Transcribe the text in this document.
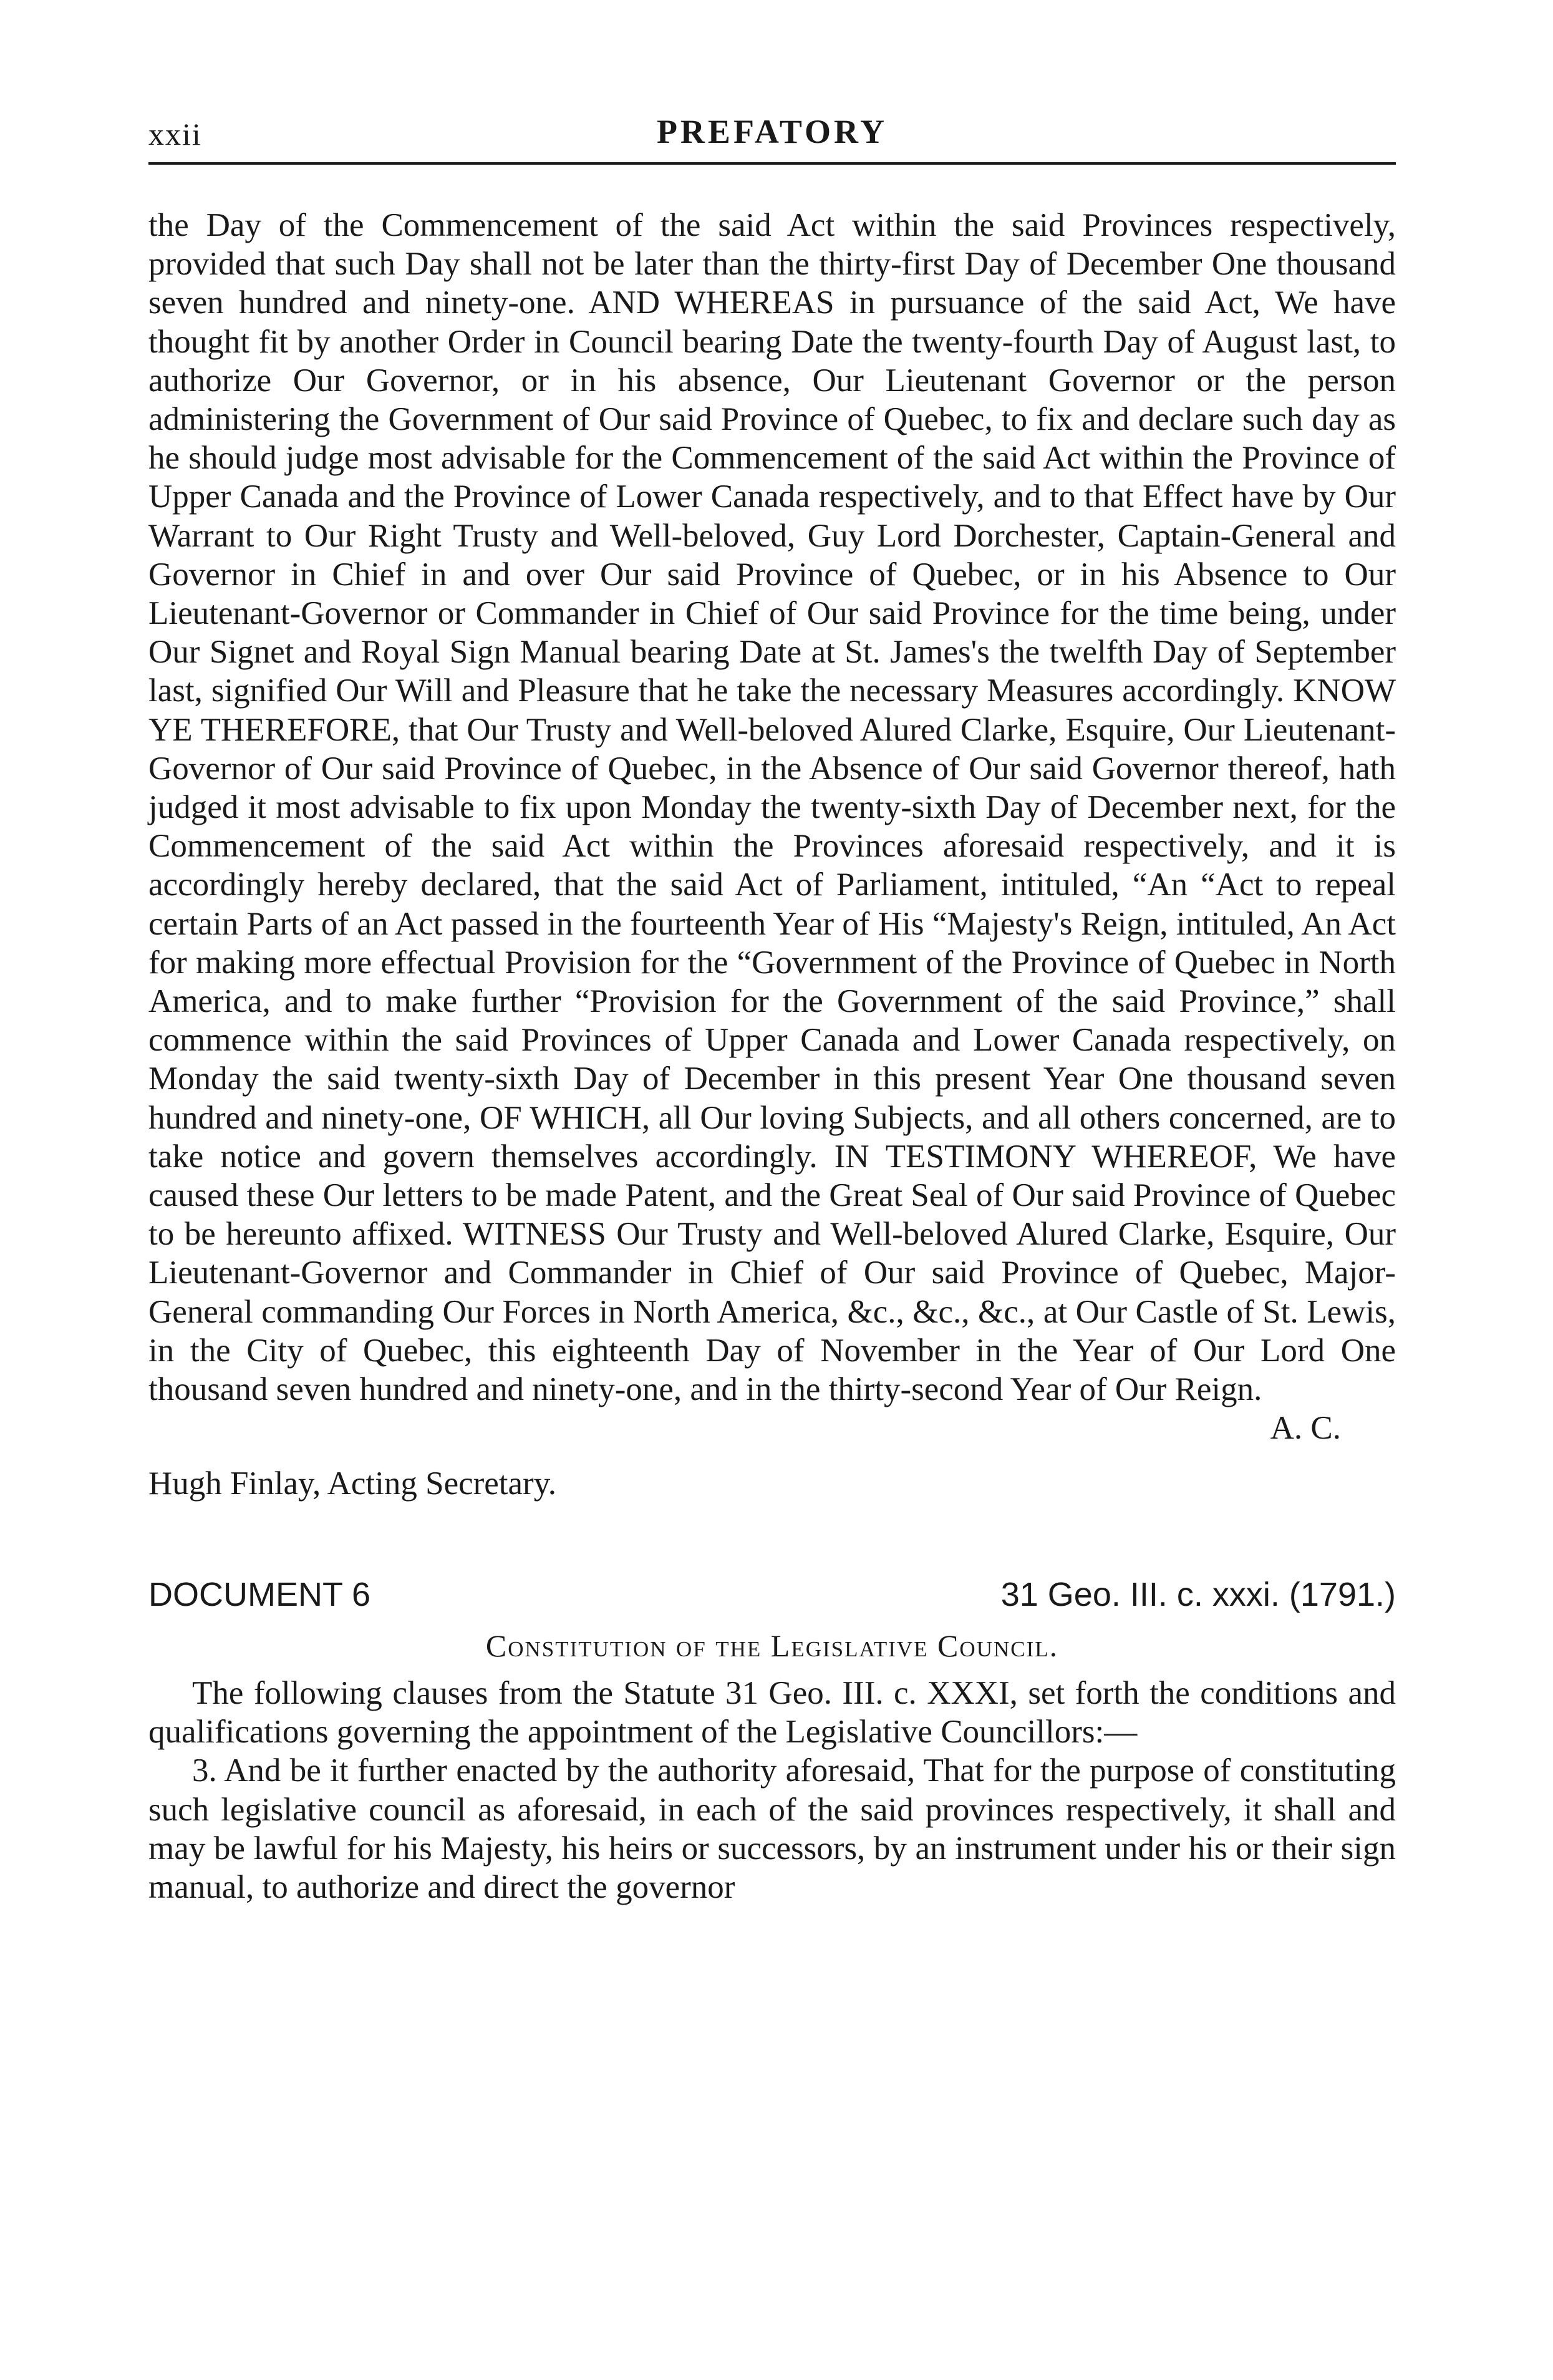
xxii	PREFATORY

the Day of the Commencement of the said Act within the said Provinces respectively, provided that such Day shall not be later than the thirty-first Day of December One thousand seven hundred and ninety-one. AND WHEREAS in pursuance of the said Act, We have thought fit by another Order in Council bearing Date the twenty-fourth Day of August last, to authorize Our Governor, or in his absence, Our Lieutenant Governor or the person administering the Government of Our said Province of Quebec, to fix and declare such day as he should judge most advisable for the Commencement of the said Act within the Province of Upper Canada and the Province of Lower Canada respectively, and to that Effect have by Our Warrant to Our Right Trusty and Well-beloved, Guy Lord Dorchester, Captain-General and Governor in Chief in and over Our said Province of Quebec, or in his Absence to Our Lieutenant-Governor or Commander in Chief of Our said Province for the time being, under Our Signet and Royal Sign Manual bearing Date at St. James's the twelfth Day of September last, signified Our Will and Pleasure that he take the necessary Measures accordingly. KNOW YE THEREFORE, that Our Trusty and Well-beloved Alured Clarke, Esquire, Our Lieutenant-Governor of Our said Province of Quebec, in the Absence of Our said Governor thereof, hath judged it most advisable to fix upon Monday the twenty-sixth Day of December next, for the Commencement of the said Act within the Provinces aforesaid respectively, and it is accordingly hereby declared, that the said Act of Parliament, intituled, “An “Act to repeal certain Parts of an Act passed in the fourteenth Year of His “Majesty's Reign, intituled, An Act for making more effectual Provision for the “Government of the Province of Quebec in North America, and to make further “Provision for the Government of the said Province,” shall commence within the said Provinces of Upper Canada and Lower Canada respectively, on Monday the said twenty-sixth Day of December in this present Year One thousand seven hundred and ninety-one, OF WHICH, all Our loving Subjects, and all others concerned, are to take notice and govern themselves accordingly. IN TESTIMONY WHEREOF, We have caused these Our letters to be made Patent, and the Great Seal of Our said Province of Quebec to be hereunto affixed. WITNESS Our Trusty and Well-beloved Alured Clarke, Esquire, Our Lieutenant-Governor and Commander in Chief of Our said Province of Quebec, Major-General commanding Our Forces in North America, &c., &c., &c., at Our Castle of St. Lewis, in the City of Quebec, this eighteenth Day of November in the Year of Our Lord One thousand seven hundred and ninety-one, and in the thirty-second Year of Our Reign.

A. C.

Hugh Finlay, Acting Secretary.

DOCUMENT 6	31 Geo. III. c. xxxi. (1791.)

Constitution of the Legislative Council.

The following clauses from the Statute 31 Geo. III. c. XXXI, set forth the conditions and qualifications governing the appointment of the Legislative Councillors:—

3. And be it further enacted by the authority aforesaid, That for the purpose of constituting such legislative council as aforesaid, in each of the said provinces respectively, it shall and may be lawful for his Majesty, his heirs or successors, by an instrument under his or their sign manual, to authorize and direct the governor
